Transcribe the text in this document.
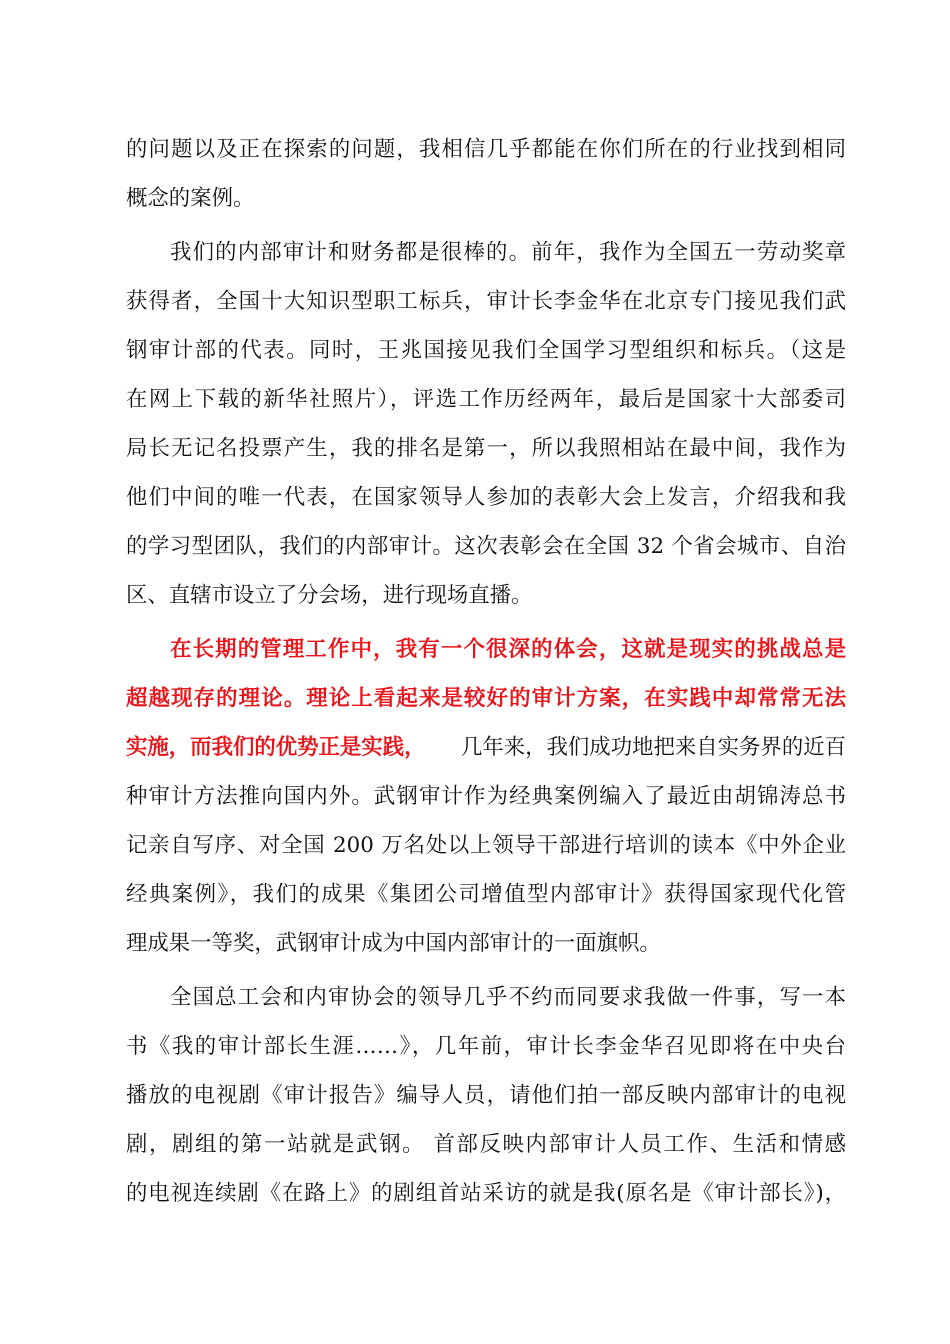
的问题以及正在探索的问题，我相信几乎都能在你们所在的行业找到相同
概念的案例。
我们的内部审计和财务都是很棒的。前年，我作为全国五一劳动奖章
获得者，全国十大知识型职工标兵，审计长李金华在北京专门接见我们武
钢审计部的代表。同时，王兆国接见我们全国学习型组织和标兵。（这是
在网上下载的新华社照片），评选工作历经两年，最后是国家十大部委司
局长无记名投票产生，我的排名是第一，所以我照相站在最中间，我作为
他们中间的唯一代表，在国家领导人参加的表彰大会上发言，介绍我和我
的学习型团队，我们的内部审计。这次表彰会在全国 32 个省会城市、自治
区、直辖市设立了分会场，进行现场直播。
在长期的管理工作中，我有一个很深的体会，这就是现实的挑战总是
超越现存的理论。理论上看起来是较好的审计方案，在实践中却常常无法
实施，而我们的优势正是实践， 几年来，我们成功地把来自实务界的近百
种审计方法推向国内外。武钢审计作为经典案例编入了最近由胡锦涛总书
记亲自写序、对全国 200 万名处以上领导干部进行培训的读本《中外企业
经典案例》，我们的成果《集团公司增值型内部审计》获得国家现代化管
理成果一等奖，武钢审计成为中国内部审计的一面旗帜。
全国总工会和内审协会的领导几乎不约而同要求我做一件事，写一本
书《我的审计部长生涯……》，几年前，审计长李金华召见即将在中央台
播放的电视剧《审计报告》编导人员，请他们拍一部反映内部审计的电视
剧，剧组的第一站就是武钢。 首部反映内部审计人员工作、生活和情感
的电视连续剧《在路上》的剧组首站采访的就是我(原名是《审计部长》)，
